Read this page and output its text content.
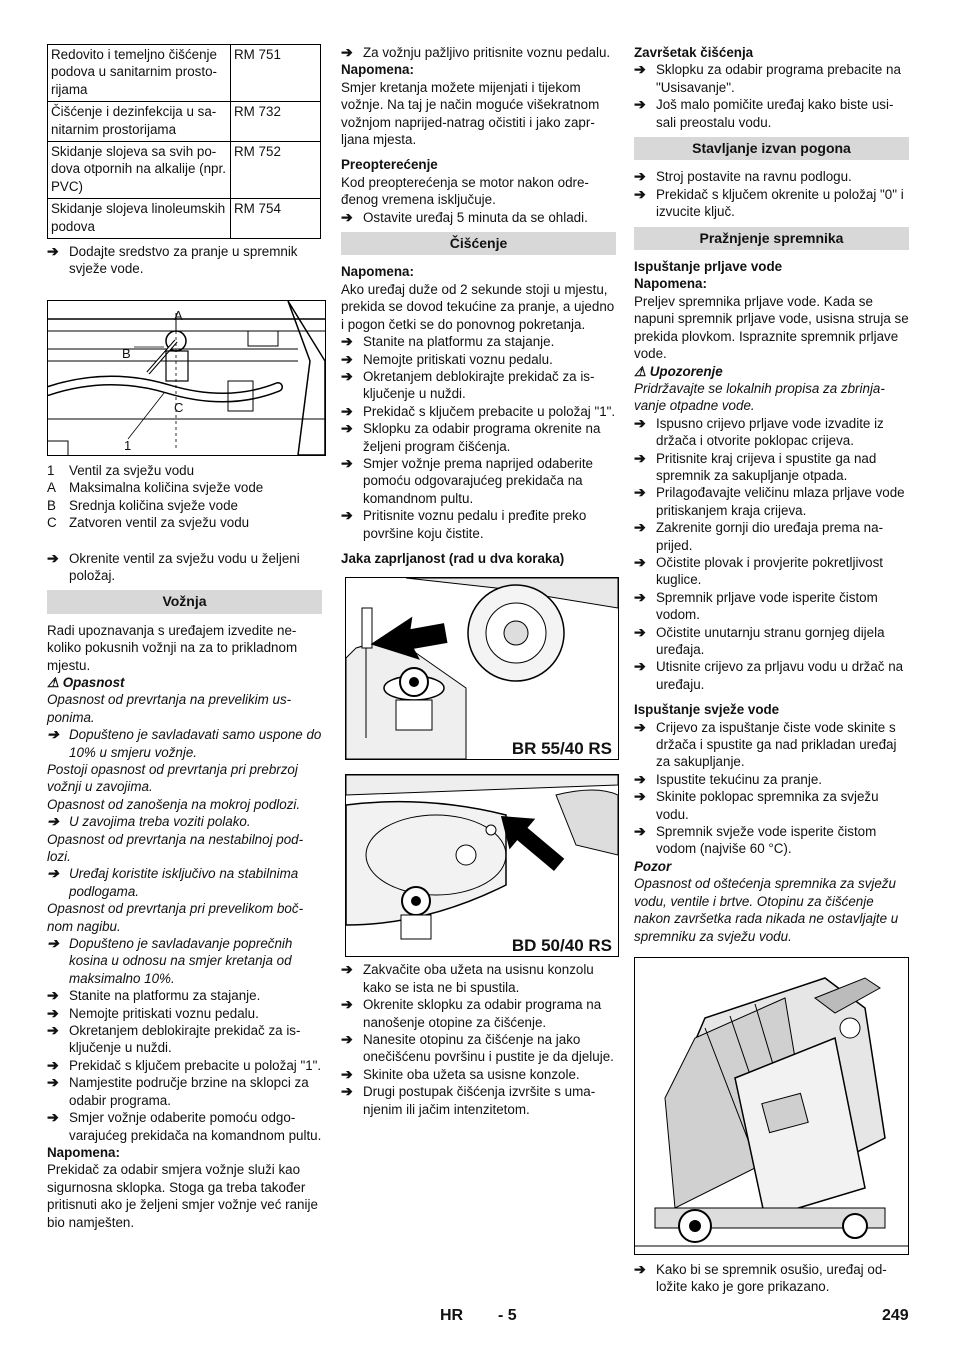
Redovito i temeljno čišćenje podova u sanitarnim prostorijama	RM 751
Čišćenje i dezinfekcija u sanitarnim prostorijama	RM 732
Skidanje slojeva sa svih podova otpornih na alkalije (npr. PVC)	RM 752
Skidanje slojeva linoleumskih podova	RM 754
➔ Dodajte sredstvo za pranje u spremnik svježe vode.
A
B
C
1
1 Ventil za svježu vodu
A Maksimalna količina svježe vode
B Srednja količina svježe vode
C Zatvoren ventil za svježu vodu
➔ Okrenite ventil za svježu vodu u željeni položaj.
Vožnja

Radi upoznavanja s uređajem izvedite nekoliko pokusnih vožnji na za to prikladnom mjestu.

⚠ Opasnost

Opasnost od prevrtanja na prevelikim usponima.

➔ Dopušteno je savladavati samo uspone do 10% u smjeru vožnje.

Postoji opasnost od prevrtanja pri prebrzoj vožnji u zavojima.

Opasnost od zanošenja na mokroj podlozi.

➔ U zavojima treba voziti polako.

Opasnost od prevrtanja na nestabilnoj podlozi.

➔ Uređaj koristite isključivo na stabilnima podlogama.

Opasnost od prevrtanja pri prevelikom bočnom nagibu.

➔ Dopušteno je savladavanje poprečnih kosina u odnosu na smjer kretanja od maksimalno 10%.
➔ Stanite na platformu za stajanje.
➔ Nemojte pritiskati voznu pedalu.
➔ Okretanjem deblokirajte prekidač za isključenje u nuždi.
➔ Prekidač s ključem prebacite u položaj "1".
➔ Namjestite područje brzine na sklopci za odabir programa.
➔ Smjer vožnje odaberite pomoću odgovarajućeg prekidača na komandnom pultu.

Napomena:

Prekidač za odabir smjera vožnje služi kao sigurnosna sklopka. Stoga ga treba također pritisnuti ako je željeni smjer vožnje već ranije bio namješten.

➔ Za vožnju pažljivo pritisnite voznu pedalu.

Napomena:

Smjer kretanja možete mijenjati i tijekom vožnje. Na taj je način moguće višekratnom vožnjom naprijed-natrag očistiti i jako zaprljana mjesta.

Preopterećenje

Kod preopterećenja se motor nakon određenog vremena isključuje.

➔ Ostavite uređaj 5 minuta da se ohladi.
Čišćenje

Napomena:

Ako uređaj duže od 2 sekunde stoji u mjestu, prekida se dovod tekućine za pranje, a ujedno i pogon četki se do ponovnog pokretanja.

➔ Stanite na platformu za stajanje.
➔ Nemojte pritiskati voznu pedalu.
➔ Okretanjem deblokirajte prekidač za isključenje u nuždi.
➔ Prekidač s ključem prebacite u položaj "1".
➔ Sklopku za odabir programa okrenite na željeni program čišćenja.
➔ Smjer vožnje prema naprijed odaberite pomoću odgovarajućeg prekidača na komandnom pultu.
➔ Pritisnite voznu pedalu i pređite preko površine koju čistite.

Jaka zaprljanost (rad u dva koraka)

BR 55/40 RS
BD 50/40 RS
➔ Zakvačite oba užeta na usisnu konzolu kako se ista ne bi spustila.
➔ Okrenite sklopku za odabir programa na nanošenje otopine za čišćenje.
➔ Nanesite otopinu za čišćenje na jako onečišćenu površinu i pustite je da djeluje.
➔ Skinite oba užeta sa usisne konzole.
➔ Drugi postupak čišćenja izvršite s umanjenim ili jačim intenzitetom.

Završetak čišćenja

➔ Sklopku za odabir programa prebacite na "Usisavanje".
➔ Još malo pomičite uređaj kako biste usisali preostalu vodu.
Stavljanje izvan pogona
➔ Stroj postavite na ravnu podlogu.
➔ Prekidač s ključem okrenite u položaj "0" i izvucite ključ.
Pražnjenje spremnika

Ispuštanje prljave vode

Napomena:

Preljev spremnika prljave vode. Kada se napuni spremnik prljave vode, usisna struja se prekida plovkom. Ispraznite spremnik prljave vode.

⚠ Upozorenje

Pridržavajte se lokalnih propisa za zbrinjavanje otpadne vode.

➔ Ispusno crijevo prljave vode izvadite iz držača i otvorite poklopac crijeva.
➔ Pritisnite kraj crijeva i spustite ga nad spremnik za sakupljanje otpada.
➔ Prilagođavajte veličinu mlaza prljave vode pritiskanjem kraja crijeva.
➔ Zakrenite gornji dio uređaja prema naprijed.
➔ Očistite plovak i provjerite pokretljivost kuglice.
➔ Spremnik prljave vode isperite čistom vodom.
➔ Očistite unutarnju stranu gornjeg dijela uređaja.
➔ Utisnite crijevo za prljavu vodu u držač na uređaju.

Ispuštanje svježe vode

➔ Crijevo za ispuštanje čiste vode skinite s držača i spustite ga nad prikladan uređaj za sakupljanje.
➔ Ispustite tekućinu za pranje.
➔ Skinite poklopac spremnika za svježu vodu.
➔ Spremnik svježe vode isperite čistom vodom (najviše 60 °C).

Pozor

Opasnost od oštećenja spremnika za svježu vodu, ventile i brtve. Otopinu za čišćenje nakon završetka rada nikada ne ostavljajte u spremniku za svježu vodu.

➔ Kako bi se spremnik osušio, uređaj odložite kako je gore prikazano.
HR - 5	249
